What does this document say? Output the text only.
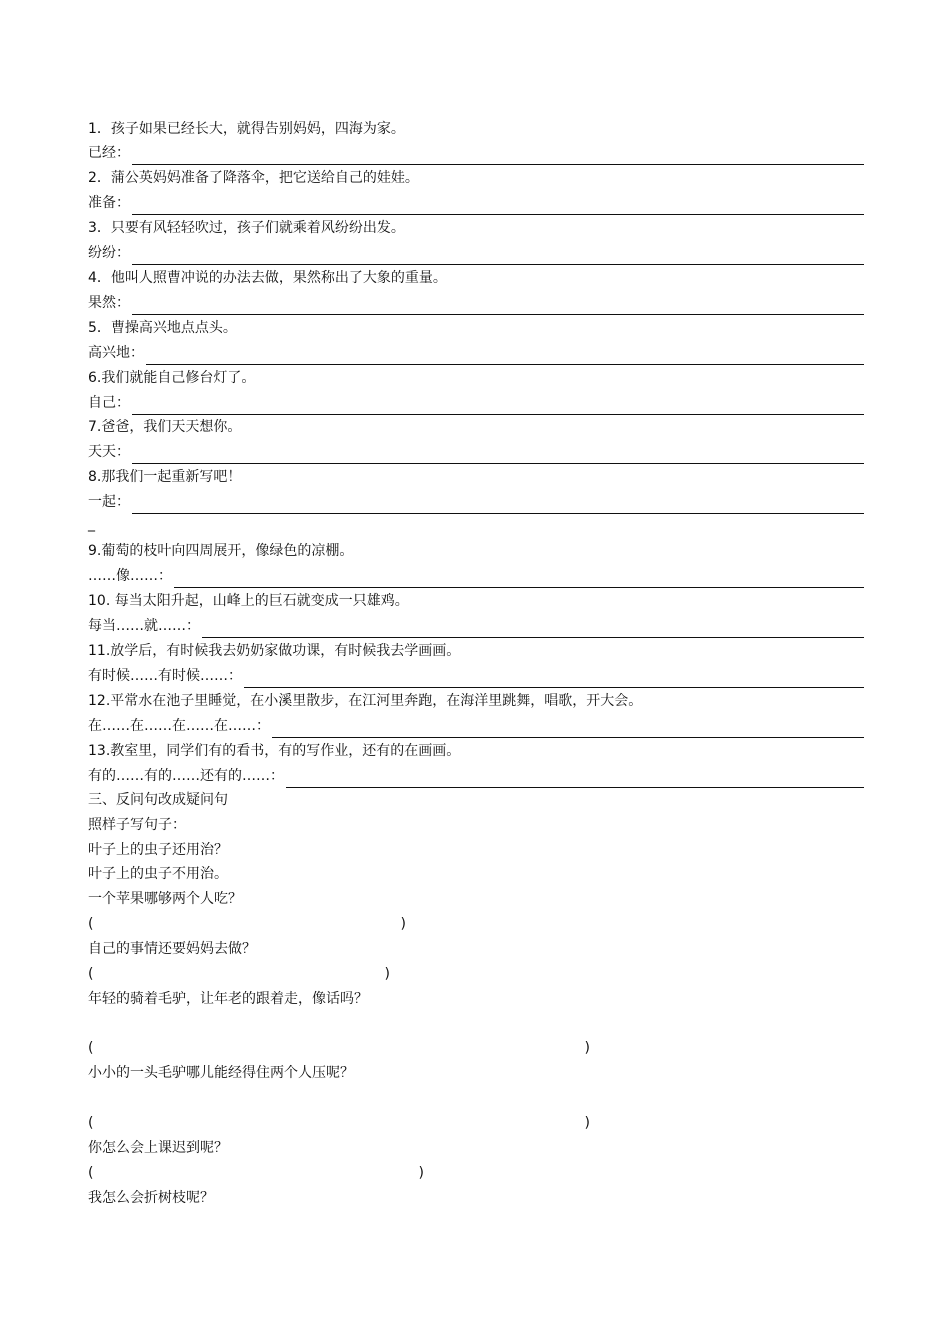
1．孩子如果已经长大，就得告别妈妈，四海为家。
已经：
2．蒲公英妈妈准备了降落伞，把它送给自己的娃娃。
准备：
3．只要有风轻轻吹过，孩子们就乘着风纷纷出发。
纷纷：
4．他叫人照曹冲说的办法去做，果然称出了大象的重量。
果然：
5．曹操高兴地点点头。
高兴地：
6.我们就能自己修台灯了。
自己：
7.爸爸，我们天天想你。
天天：
8.那我们一起重新写吧！
一起：
_
9.葡萄的枝叶向四周展开，像绿色的凉棚。
……像……：
10. 每当太阳升起，山峰上的巨石就变成一只雄鸡。
每当……就……：
11.放学后，有时候我去奶奶家做功课，有时候我去学画画。
有时候……有时候……：
12.平常水在池子里睡觉，在小溪里散步，在江河里奔跑，在海洋里跳舞，唱歌，开大会。
在……在……在……在……：
13.教室里，同学们有的看书，有的写作业，还有的在画画。
有的……有的……还有的……：
三、反问句改成疑问句
照样子写句子：
叶子上的虫子还用治？
叶子上的虫子不用治。
一个苹果哪够两个人吃？
(	)
自己的事情还要妈妈去做？
(	)
年轻的骑着毛驴，让年老的跟着走，像话吗？
(	)
小小的一头毛驴哪儿能经得住两个人压呢？
(	)
你怎么会上课迟到呢？
(	)
我怎么会折树枝呢？
